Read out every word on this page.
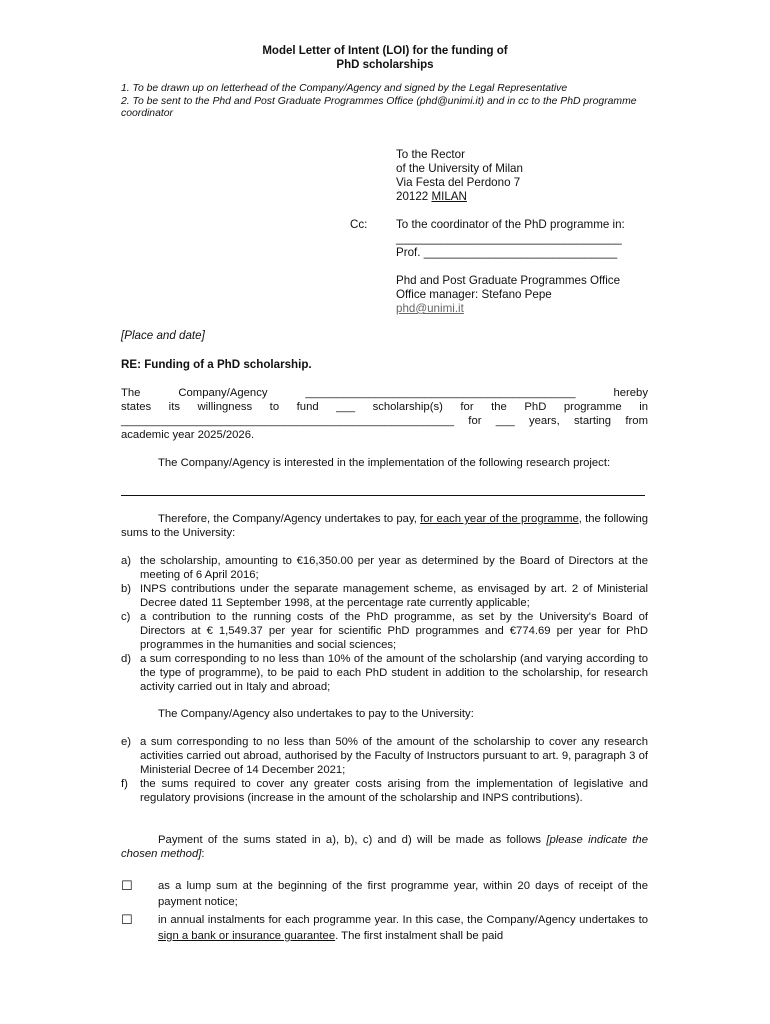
Model Letter of Intent (LOI) for the funding of
PhD scholarships
1. To be drawn up on letterhead of the Company/Agency and signed by the Legal Representative
2. To be sent to the Phd and Post Graduate Programmes Office (phd@unimi.it) and in cc to the PhD programme coordinator
To the Rector
of the University of Milan
Via Festa del Perdono 7
20122 MILAN
Cc: To the coordinator of the PhD programme in:
___________________________________
Prof. ______________________________
Phd and Post Graduate Programmes Office
Office manager: Stefano Pepe
phd@unimi.it
[Place and date]
RE: Funding of a PhD scholarship.
The Company/Agency ___________________________________________ hereby
states its willingness to fund ___ scholarship(s) for the PhD programme in
_____________________________________________________ for ___ years, starting from
academic year 2025/2026.
The Company/Agency is interested in the implementation of the following research project:
Therefore, the Company/Agency undertakes to pay, for each year of the programme, the following sums to the University:
a) the scholarship, amounting to €16,350.00 per year as determined by the Board of Directors at the meeting of 6 April 2016;
b) INPS contributions under the separate management scheme, as envisaged by art. 2 of Ministerial Decree dated 11 September 1998, at the percentage rate currently applicable;
c) a contribution to the running costs of the PhD programme, as set by the University's Board of Directors at € 1,549.37 per year for scientific PhD programmes and €774.69 per year for PhD programmes in the humanities and social sciences;
d) a sum corresponding to no less than 10% of the amount of the scholarship (and varying according to the type of programme), to be paid to each PhD student in addition to the scholarship, for research activity carried out in Italy and abroad;
The Company/Agency also undertakes to pay to the University:
e) a sum corresponding to no less than 50% of the amount of the scholarship to cover any research activities carried out abroad, authorised by the Faculty of Instructors pursuant to art. 9, paragraph 3 of Ministerial Decree of 14 December 2021;
f)	the sums required to cover any greater costs arising from the implementation of legislative and regulatory provisions (increase in the amount of the scholarship and INPS contributions).
Payment of the sums stated in a), b), c) and d) will be made as follows [please indicate the chosen method]:
☐	as a lump sum at the beginning of the first programme year, within 20 days of receipt of the payment notice;
☐	in annual instalments for each programme year. In this case, the Company/Agency undertakes to sign a bank or insurance guarantee. The first instalment shall be paid
